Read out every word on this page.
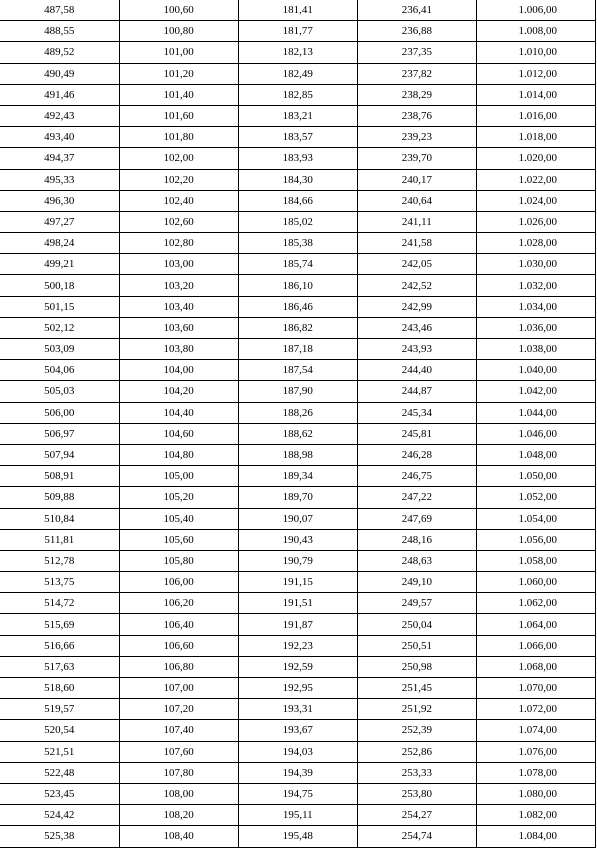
487,58	100,60	181,41	236,41	1.006,00
488,55	100,80	181,77	236,88	1.008,00
489,52	101,00	182,13	237,35	1.010,00
490,49	101,20	182,49	237,82	1.012,00
491,46	101,40	182,85	238,29	1.014,00
492,43	101,60	183,21	238,76	1.016,00
493,40	101,80	183,57	239,23	1.018,00
494,37	102,00	183,93	239,70	1.020,00
495,33	102,20	184,30	240,17	1.022,00
496,30	102,40	184,66	240,64	1.024,00
497,27	102,60	185,02	241,11	1.026,00
498,24	102,80	185,38	241,58	1.028,00
499,21	103,00	185,74	242,05	1.030,00
500,18	103,20	186,10	242,52	1.032,00
501,15	103,40	186,46	242,99	1.034,00
502,12	103,60	186,82	243,46	1.036,00
503,09	103,80	187,18	243,93	1.038,00
504,06	104,00	187,54	244,40	1.040,00
505,03	104,20	187,90	244,87	1.042,00
506,00	104,40	188,26	245,34	1.044,00
506,97	104,60	188,62	245,81	1.046,00
507,94	104,80	188,98	246,28	1.048,00
508,91	105,00	189,34	246,75	1.050,00
509,88	105,20	189,70	247,22	1.052,00
510,84	105,40	190,07	247,69	1.054,00
511,81	105,60	190,43	248,16	1.056,00
512,78	105,80	190,79	248,63	1.058,00
513,75	106,00	191,15	249,10	1.060,00
514,72	106,20	191,51	249,57	1.062,00
515,69	106,40	191,87	250,04	1.064,00
516,66	106,60	192,23	250,51	1.066,00
517,63	106,80	192,59	250,98	1.068,00
518,60	107,00	192,95	251,45	1.070,00
519,57	107,20	193,31	251,92	1.072,00
520,54	107,40	193,67	252,39	1.074,00
521,51	107,60	194,03	252,86	1.076,00
522,48	107,80	194,39	253,33	1.078,00
523,45	108,00	194,75	253,80	1.080,00
524,42	108,20	195,11	254,27	1.082,00
525,38	108,40	195,48	254,74	1.084,00
